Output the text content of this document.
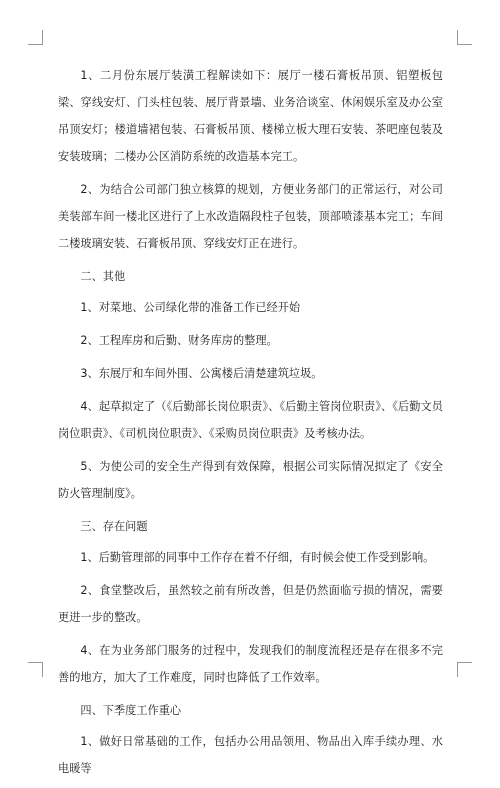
1、二月份东展厅装潢工程解读如下：展厅一楼石膏板吊顶、铝塑板包梁、穿线安灯、门头柱包装、展厅背景墙、业务洽谈室、休闲娱乐室及办公室吊顶安灯；楼道墙裙包装、石膏板吊顶、楼梯立板大理石安装、茶吧座包装及安装玻璃；二楼办公区消防系统的改造基本完工。

2、为结合公司部门独立核算的规划，方便业务部门的正常运行，对公司美装部车间一楼北区进行了上水改造隔段柱子包装，顶部喷漆基本完工；车间二楼玻璃安装、石膏板吊顶、穿线安灯正在进行。

二、其他

1、对菜地、公司绿化带的准备工作已经开始

2、工程库房和后勤、财务库房的整理。

3、东展厅和车间外围、公寓楼后清楚建筑垃圾。

4、起草拟定了（《后勤部长岗位职责》、《后勤主管岗位职责》、《后勤文员岗位职责》、《司机岗位职责》、《采购员岗位职责》及考核办法。

5、为使公司的安全生产得到有效保障，根据公司实际情况拟定了《安全防火管理制度》。

三、存在问题

1、后勤管理部的同事中工作存在着不仔细，有时候会使工作受到影响。

2、食堂整改后，虽然较之前有所改善，但是仍然面临亏损的情况，需要更进一步的整改。

4、在为业务部门服务的过程中，发现我们的制度流程还是存在很多不完善的地方，加大了工作难度，同时也降低了工作效率。

四、下季度工作重心

1、做好日常基础的工作，包括办公用品领用、物品出入库手续办理、水电暖等
